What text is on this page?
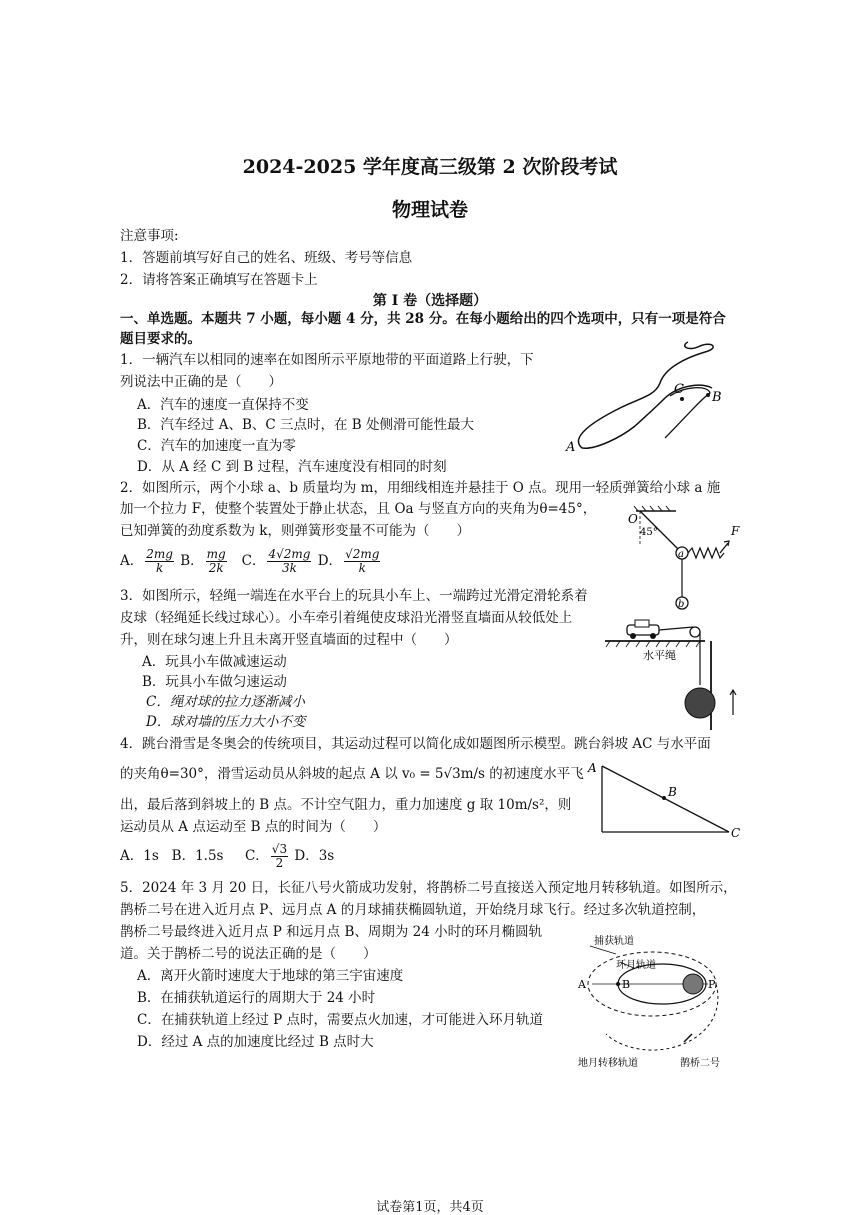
2024-2025 学年度高三级第 2 次阶段考试
物理试卷
注意事项:
1．答题前填写好自己的姓名、班级、考号等信息
2．请将答案正确填写在答题卡上
第 I 卷（选择题）
一、单选题。本题共 7 小题，每小题 4 分，共 28 分。在每小题给出的四个选项中，只有一项是符合
题目要求的。
1．一辆汽车以相同的速率在如图所示平原地带的平面道路上行驶，下
列说法中正确的是（　　）
A．汽车的速度一直保持不变
B．汽车经过 A、B、C 三点时，在 B 处侧滑可能性最大
C．汽车的加速度一直为零
D．从 A 经 C 到 B 过程，汽车速度没有相同的时刻
A
B
C
2．如图所示，两个小球 a、b 质量均为 m，用细线相连并悬挂于 O 点。现用一轻质弹簧给小球 a 施
加一个拉力 F，使整个装置处于静止状态，且 Oa 与竖直方向的夹角为θ=45°，
已知弹簧的劲度系数为 k，则弹簧形变量不可能为（　　）
A． $\frac{2mg}{k}$ B． $\frac{mg}{2k}$ C． $\frac{4√2mg}{3k}$ D． $\frac{√2mg}{k}$
O
45°
a
F
b
3．如图所示，轻绳一端连在水平台上的玩具小车上、一端跨过光滑定滑轮系着
皮球（轻绳延长线过球心）。小车牵引着绳使皮球沿光滑竖直墙面从较低处上
升，则在球匀速上升且未离开竖直墙面的过程中（　　）
A．玩具小车做减速运动
B．玩具小车做匀速运动
C．绳对球的拉力逐渐减小
D．球对墙的压力大小不变
水平绳
4．跳台滑雪是冬奥会的传统项目，其运动过程可以简化成如题图所示模型。跳台斜坡 AC 与水平面
的夹角θ=30°，滑雪运动员从斜坡的起点 A 以 v₀ = 5√3m/s 的初速度水平飞
出，最后落到斜坡上的 B 点。不计空气阻力，重力加速度 g 取 10m/s²，则
运动员从 A 点运动至 B 点的时间为（　　）
A．1s B．1.5s C． $\frac{√3}{2}$ D．3s
A
B
C
5．2024 年 3 月 20 日，长征八号火箭成功发射，将鹊桥二号直接送入预定地月转移轨道。如图所示，
鹊桥二号在进入近月点 P、远月点 A 的月球捕获椭圆轨道，开始绕月球飞行。经过多次轨道控制，
鹊桥二号最终进入近月点 P 和远月点 B、周期为 24 小时的环月椭圆轨
道。关于鹊桥二号的说法正确的是（　　）
A．离开火箭时速度大于地球的第三宇宙速度
B．在捕获轨道运行的周期大于 24 小时
C．在捕获轨道上经过 P 点时，需要点火加速，才可能进入环月轨道
D．经过 A 点的加速度比经过 B 点时大
捕获轨道
环月轨道
A	B	P
地月转移轨道	鹊桥二号
试卷第1页，共4页
